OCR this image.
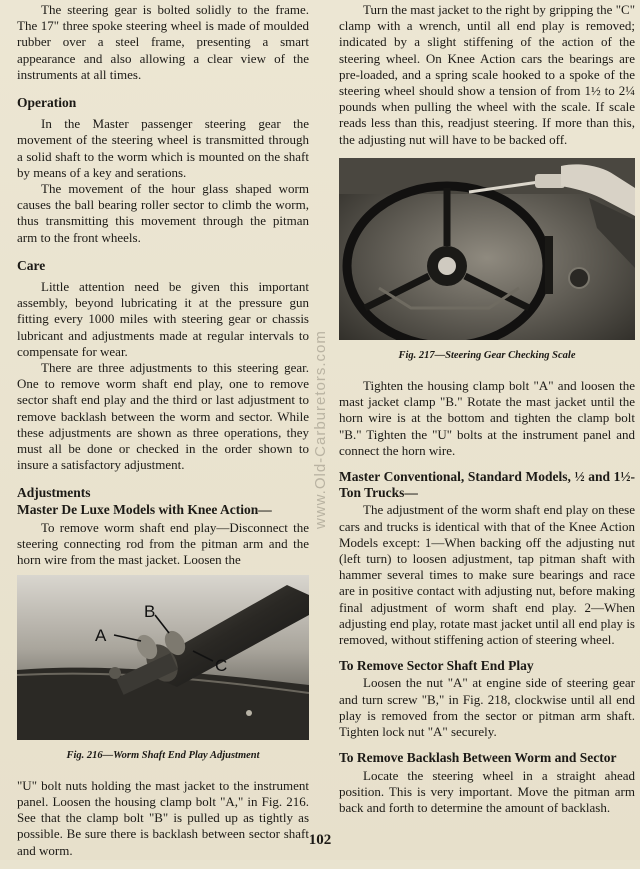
The steering gear is bolted solidly to the frame. The 17" three spoke steering wheel is made of moulded rubber over a steel frame, presenting a smart appearance and also allowing a clear view of the instruments at all times.

Operation

In the Master passenger steering gear the movement of the steering wheel is transmitted through a solid shaft to the worm which is mounted on the shaft by means of a key and serations.

The movement of the hour glass shaped worm causes the ball bearing roller sector to climb the worm, thus transmitting this movement through the pitman arm to the front wheels.

Care

Little attention need be given this important assembly, beyond lubricating it at the pressure gun fitting every 1000 miles with steering gear or chassis lubricant and adjustments made at regular intervals to compensate for wear.

There are three adjustments to this steering gear. One to remove worm shaft end play, one to remove sector shaft end play and the third or last adjustment to remove backlash between the worm and sector. While these adjustments are shown as three operations, they must all be done or checked in the order shown to insure a satisfactory adjustment.

Adjustments
Master De Luxe Models with Knee Action—

To remove worm shaft end play—Disconnect the steering connecting rod from the pitman arm and the horn wire from the mast jacket. Loosen the

A
B
C
Fig. 216—Worm Shaft End Play Adjustment

"U" bolt nuts holding the mast jacket to the instrument panel. Loosen the housing clamp bolt "A," in Fig. 216. See that the clamp bolt "B" is pulled up as tightly as possible. Be sure there is backlash between sector shaft and worm.

www.Old-Carburetors.com

Turn the mast jacket to the right by gripping the "C" clamp with a wrench, until all end play is removed; indicated by a slight stiffening of the action of the steering wheel. On Knee Action cars the bearings are pre-loaded, and a spring scale hooked to a spoke of the steering wheel should show a tension of from 1½ to 2¼ pounds when pulling the wheel with the scale. If scale reads less than this, readjust steering. If more than this, the adjusting nut will have to be backed off.

Fig. 217—Steering Gear Checking Scale

Tighten the housing clamp bolt "A" and loosen the mast jacket clamp "B." Rotate the mast jacket until the horn wire is at the bottom and tighten the clamp bolt "B." Tighten the "U" bolts at the instrument panel and connect the horn wire.

Master Conventional, Standard Models, ½ and 1½-Ton Trucks—

The adjustment of the worm shaft end play on these cars and trucks is identical with that of the Knee Action Models except: 1—When backing off the adjusting nut (left turn) to loosen adjustment, tap pitman shaft with hammer several times to make sure bearings and race are in positive contact with adjusting nut, before making final adjustment of worm shaft end play. 2—When adjusting end play, rotate mast jacket until all end play is removed, without stiffening action of steering wheel.

To Remove Sector Shaft End Play

Loosen the nut "A" at engine side of steering gear and turn screw "B," in Fig. 218, clockwise until all end play is removed from the sector or pitman arm shaft. Tighten lock nut "A" securely.

To Remove Backlash Between Worm and Sector

Locate the steering wheel in a straight ahead position. This is very important. Move the pitman arm back and forth to determine the amount of backlash.

102
